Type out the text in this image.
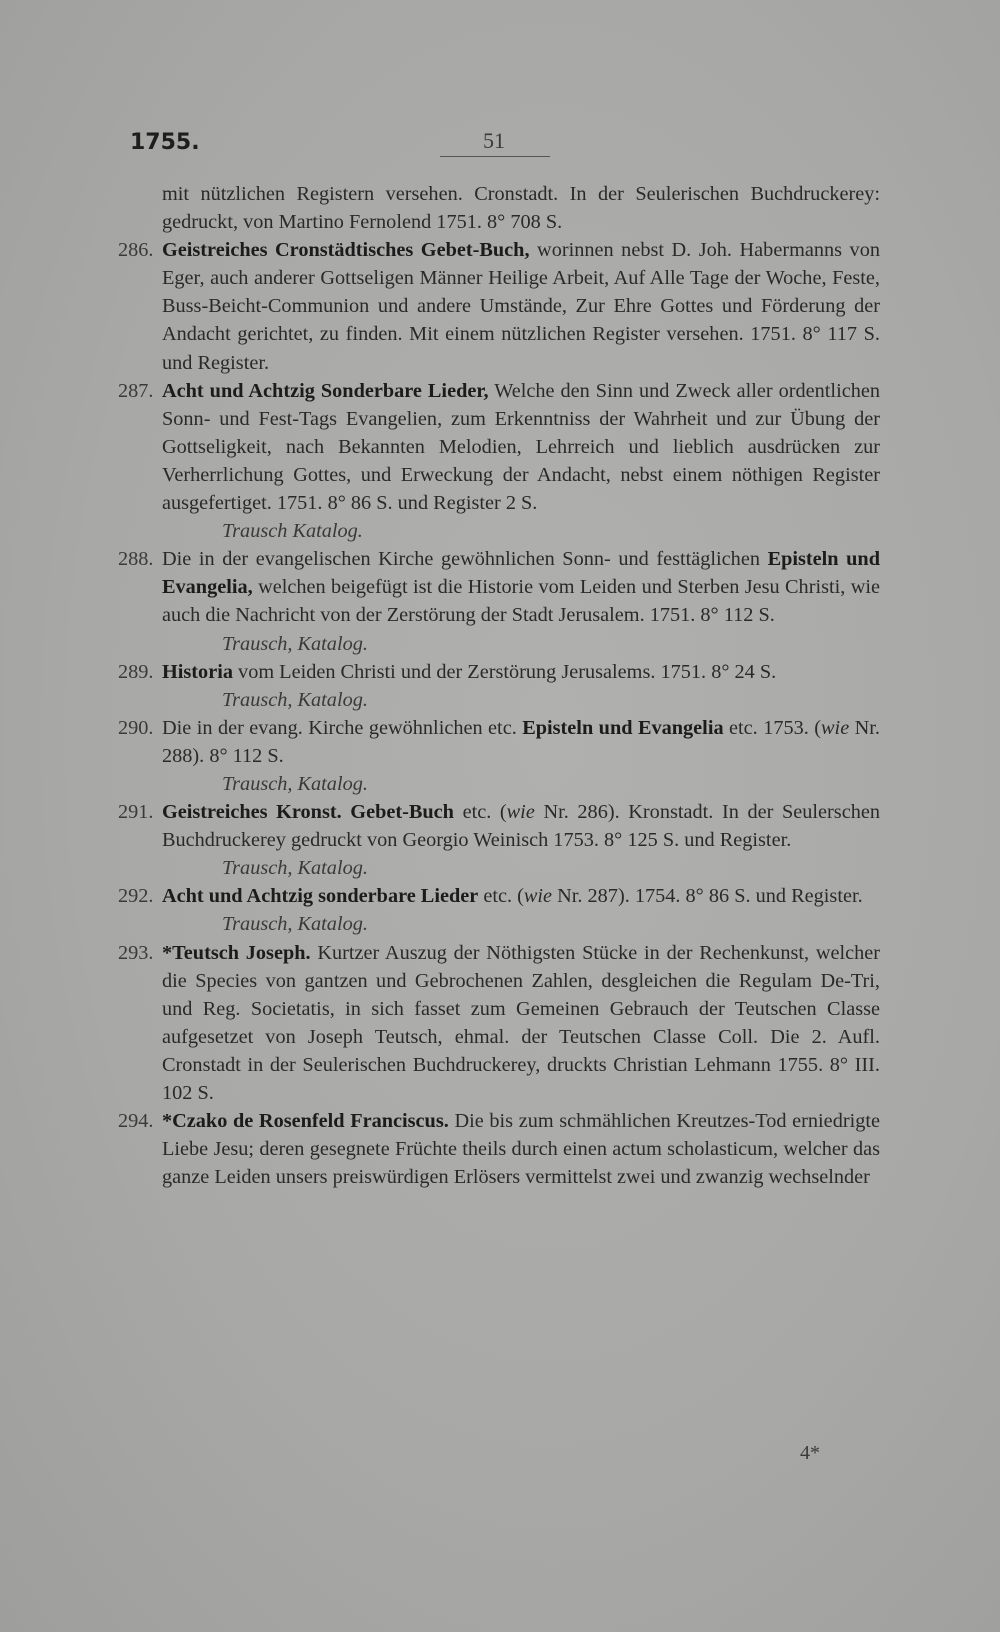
1755.	51
mit nützlichen Registern versehen. Cronstadt. In der Seulerischen Buchdruckerey: gedruckt, von Martino Fernolend 1751. 8° 708 S.
286. Geistreiches Cronstädtisches Gebet-Buch, worinnen nebst D. Joh. Habermanns von Eger, auch anderer Gottseligen Männer Heilige Arbeit, Auf Alle Tage der Woche, Feste, Buss-Beicht-Communion und andere Umstände, Zur Ehre Gottes und Förderung der Andacht gerichtet, zu finden. Mit einem nützlichen Register versehen. 1751. 8° 117 S. und Register.
287. Acht und Achtzig Sonderbare Lieder, Welche den Sinn und Zweck aller ordentlichen Sonn- und Fest-Tags Evangelien, zum Erkenntniss der Wahrheit und zur Übung der Gottseligkeit, nach Bekannten Melodien, Lehrreich und lieblich ausdrücken zur Verherrlichung Gottes, und Erweckung der Andacht, nebst einem nöthigen Register ausgefertiget. 1751. 8° 86 S. und Register 2 S.
Trausch Katalog.
288. Die in der evangelischen Kirche gewöhnlichen Sonn- und festtäglichen Episteln und Evangelia, welchen beigefügt ist die Historie vom Leiden und Sterben Jesu Christi, wie auch die Nachricht von der Zerstörung der Stadt Jerusalem. 1751. 8° 112 S.
Trausch, Katalog.
289. Historia vom Leiden Christi und der Zerstörung Jerusalems. 1751. 8° 24 S.
Trausch, Katalog.
290. Die in der evang. Kirche gewöhnlichen etc. Episteln und Evangelia etc. 1753. (wie Nr. 288). 8° 112 S.
Trausch, Katalog.
291. Geistreiches Kronst. Gebet-Buch etc. (wie Nr. 286). Kronstadt. In der Seulerschen Buchdruckerey gedruckt von Georgio Weinisch 1753. 8° 125 S. und Register.
Trausch, Katalog.
292. Acht und Achtzig sonderbare Lieder etc. (wie Nr. 287). 1754. 8° 86 S. und Register.
Trausch, Katalog.
293. *Teutsch Joseph. Kurtzer Auszug der Nöthigsten Stücke in der Rechenkunst, welcher die Species von gantzen und Gebrochenen Zahlen, desgleichen die Regulam De-Tri, und Reg. Societatis, in sich fasset zum Gemeinen Gebrauch der Teutschen Classe aufgesetzet von Joseph Teutsch, ehmal. der Teutschen Classe Coll. Die 2. Aufl. Cronstadt in der Seulerischen Buchdruckerey, druckts Christian Lehmann 1755. 8° III. 102 S.
294. *Czako de Rosenfeld Franciscus. Die bis zum schmählichen Kreutzes-Tod erniedrigte Liebe Jesu; deren gesegnete Früchte theils durch einen actum scholasticum, welcher das ganze Leiden unsers preiswürdigen Erlösers vermittelst zwei und zwanzig wechselnder
4*
